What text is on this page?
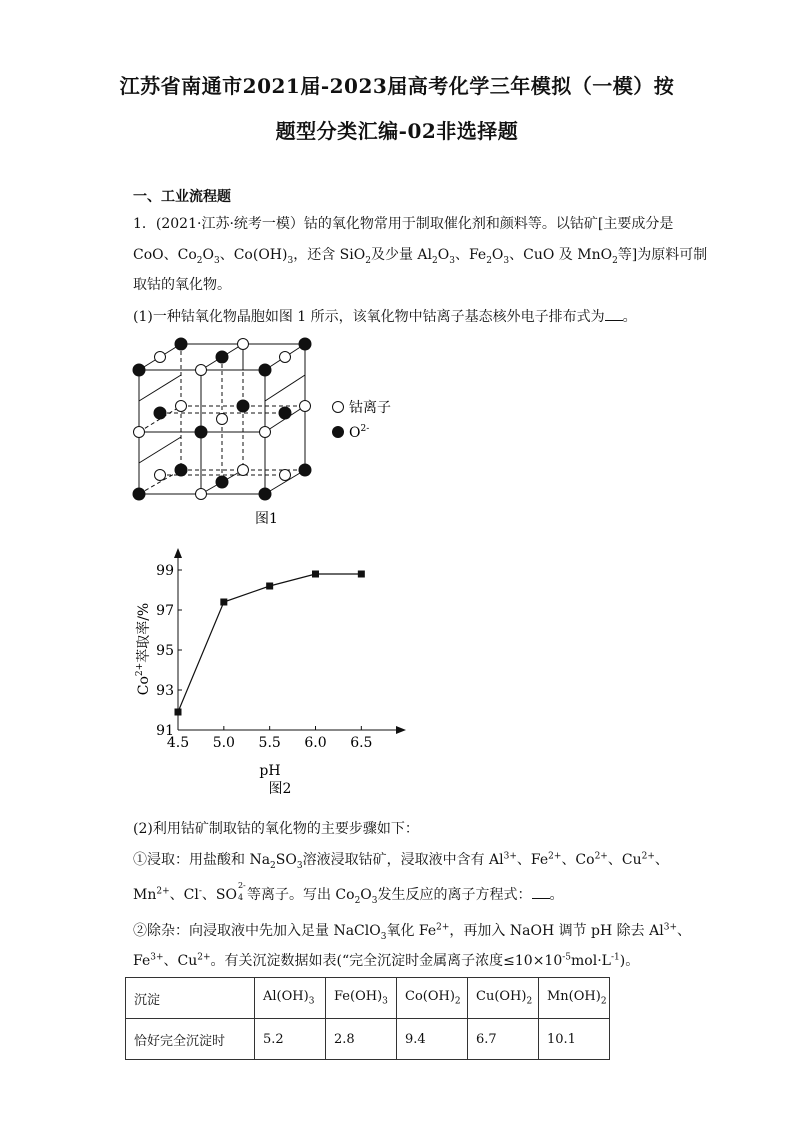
江苏省南通市2021届-2023届高考化学三年模拟（一模）按
题型分类汇编-02非选择题
一、工业流程题
1．(2021·江苏·统考一模）钴的氧化物常用于制取催化剂和颜料等。以钴矿[主要成分是
CoO、$Co_2O_3$、$Co(OH)_3$，还含 SiO$_2$及少量 $Al_2O_3$、$Fe_2O_3$、CuO 及 MnO$_2$等]为原料可制
取钴的氧化物。
(1)一种钴氧化物晶胞如图 1 所示，该氧化物中钴离子基态核外电子排布式为 。
钴离子
$O^{2-}$
图1
4.5 5.0 5.5 6.0 6.5
91
93
95
97
99
$Co^{2+}$萃取率/%
pH
图2
(2)利用钴矿制取钴的氧化物的主要步骤如下：
①浸取：用盐酸和 $Na_2SO_3$溶液浸取钴矿，浸取液中含有 $Al^{3+}$、$Fe^{2+}$、$Co^{2+}$、$Cu^{2+}$、
$Mn^{2+}$、Cl-、SO
2-
4 等离子。写出 $Co_2O_3$发生反应的离子方程式： 。
②除杂：向浸取液中先加入足量 NaClO$_3$氧化 $Fe^{2+}$，再加入 NaOH 调节 pH 除去 $Al^{3+}$、
$Fe^{3+}$、$Cu^{2+}$。有关沉淀数据如表(“完全沉淀时金属离子浓度$\le 10\times 10^{-5}mol\cdot L^{-1}$)。
沉淀	$Al(OH)_3$	$Fe(OH)_3$	$Co(OH)_2$	$Cu(OH)_2$	$Mn(OH)_2$
恰好完全沉淀时	5.2	2.8	9.4	6.7	10.1
